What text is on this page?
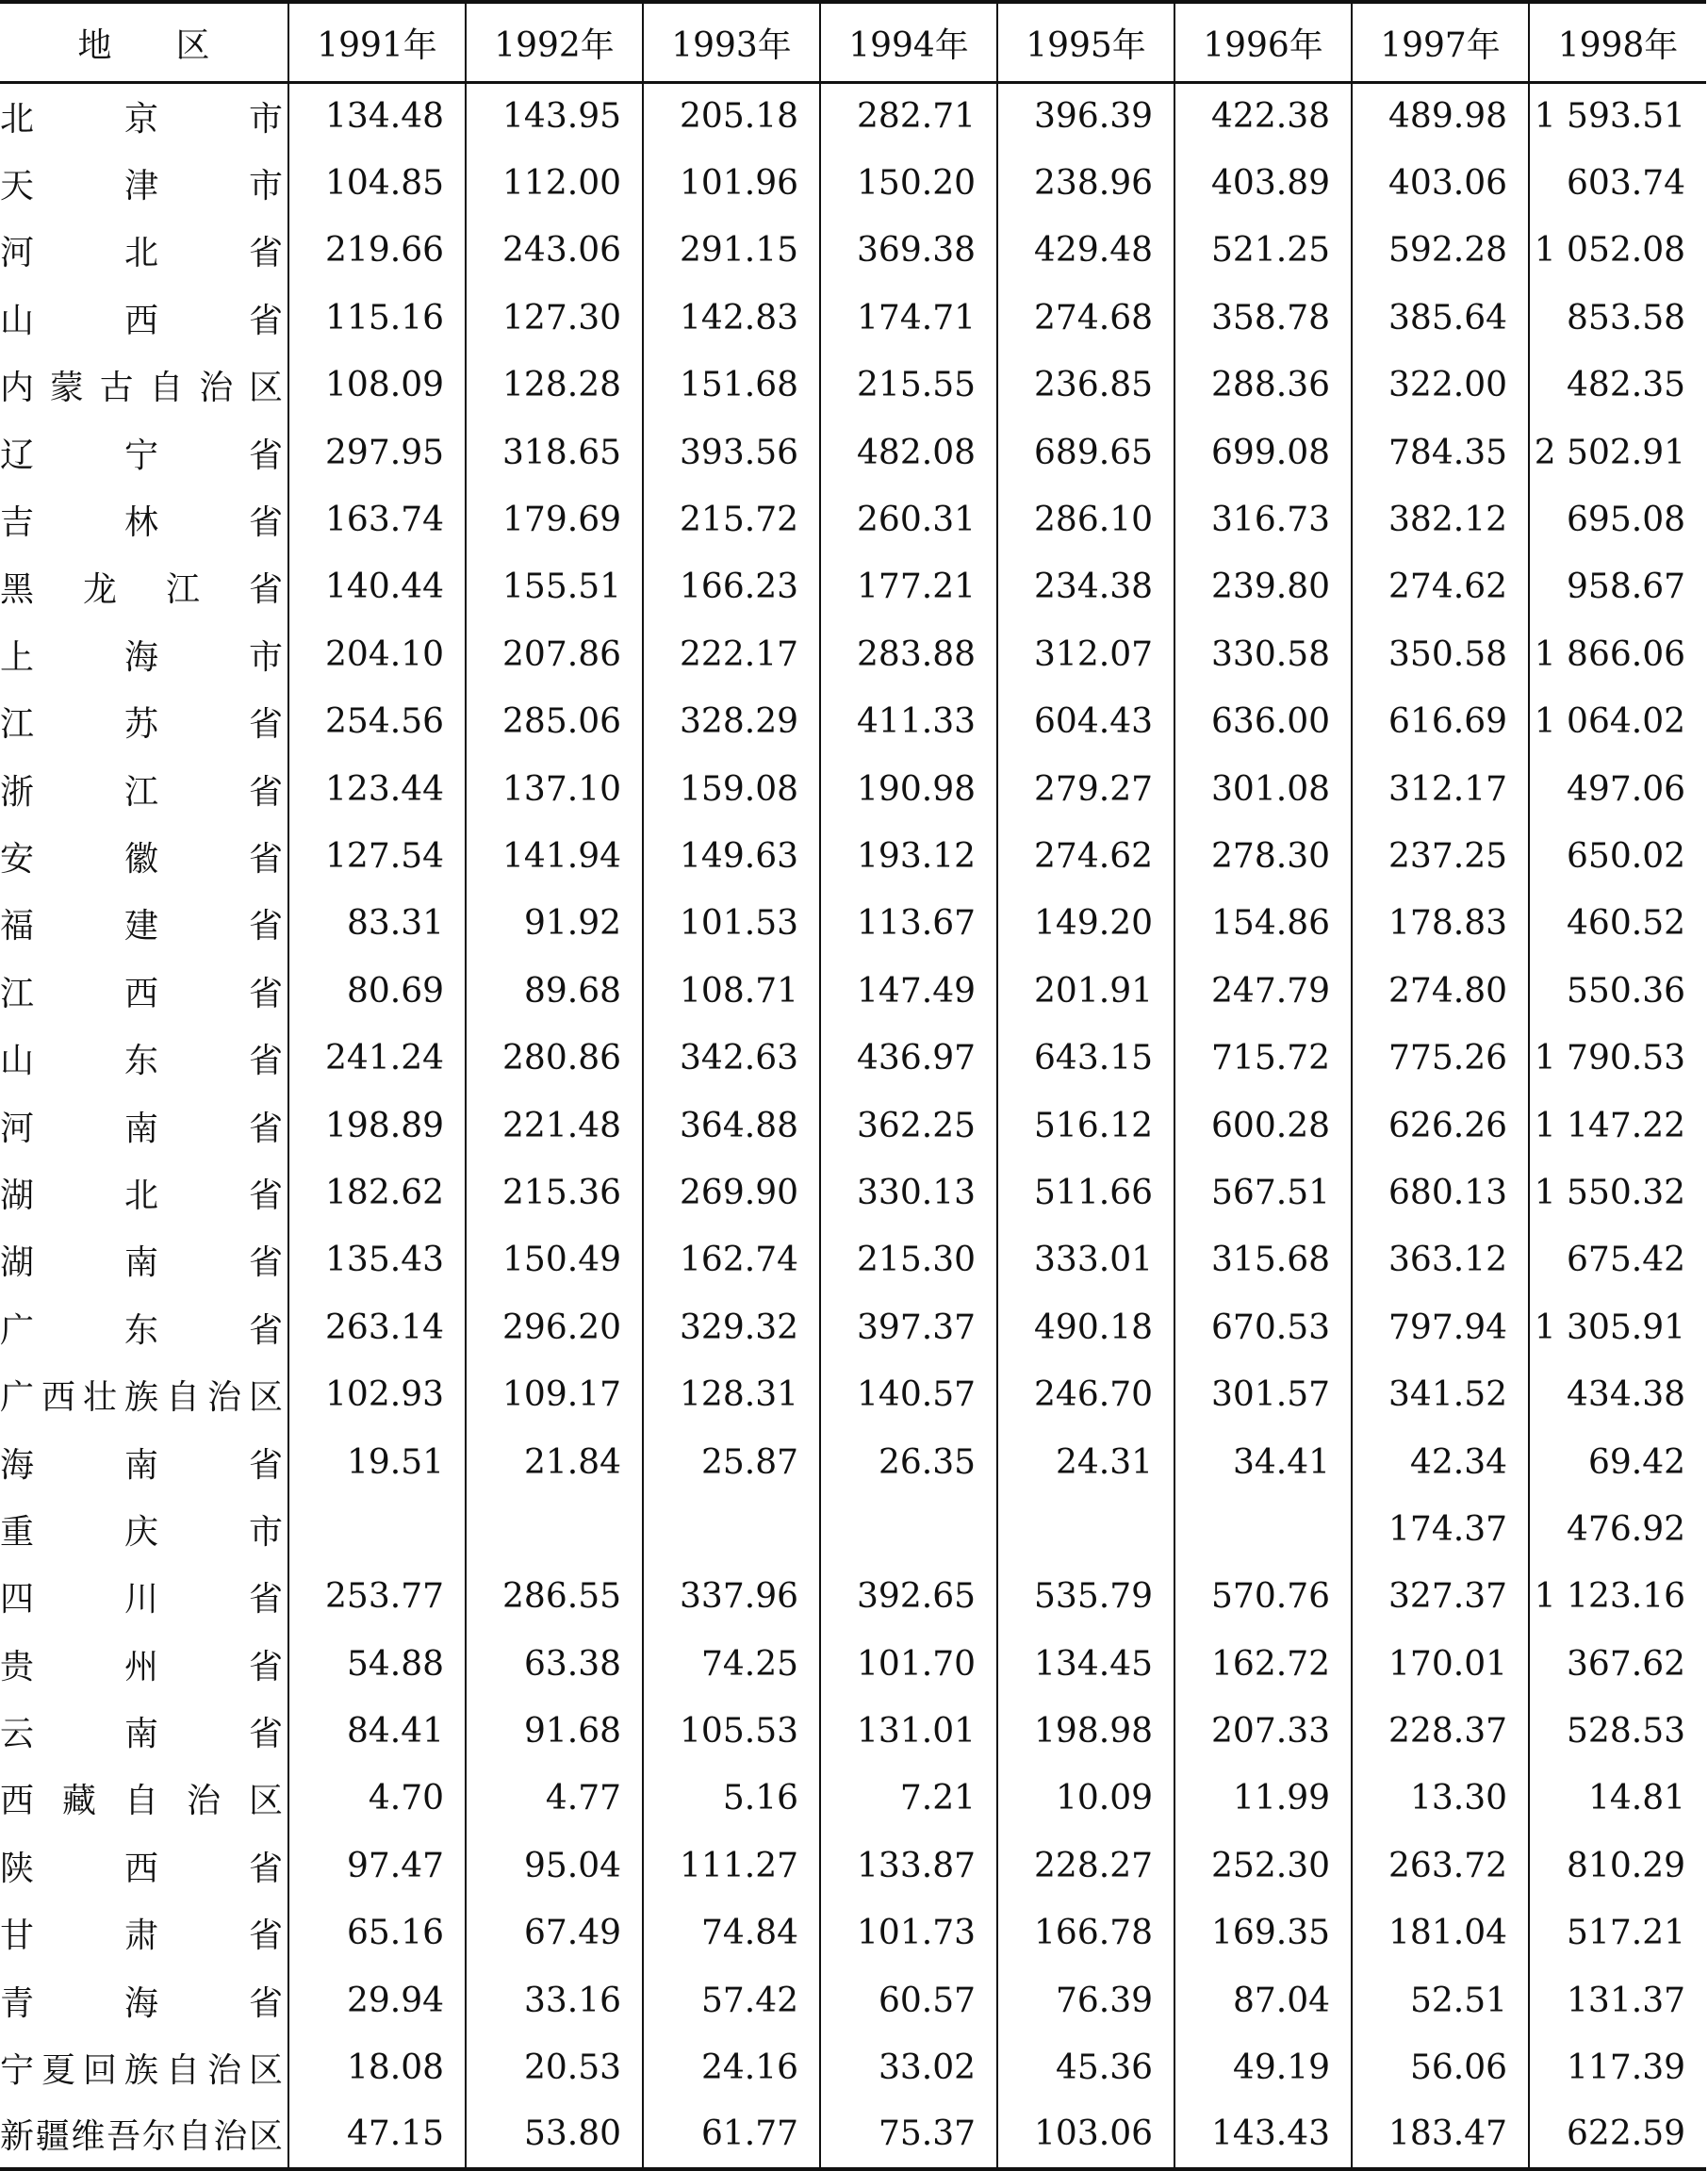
地 区	1991年	1992年	1993年	1994年	1995年	1996年	1997年	1998年

北京市	134.48	143.95	205.18	282.71	396.39	422.38	489.98	1 593.51

天津市	104.85	112.00	101.96	150.20	238.96	403.89	403.06	603.74

河北省	219.66	243.06	291.15	369.38	429.48	521.25	592.28	1 052.08

山西省	115.16	127.30	142.83	174.71	274.68	358.78	385.64	853.58

内蒙古自治区	108.09	128.28	151.68	215.55	236.85	288.36	322.00	482.35

辽宁省	297.95	318.65	393.56	482.08	689.65	699.08	784.35	2 502.91

吉林省	163.74	179.69	215.72	260.31	286.10	316.73	382.12	695.08

黑龙江省	140.44	155.51	166.23	177.21	234.38	239.80	274.62	958.67

上海市	204.10	207.86	222.17	283.88	312.07	330.58	350.58	1 866.06

江苏省	254.56	285.06	328.29	411.33	604.43	636.00	616.69	1 064.02

浙江省	123.44	137.10	159.08	190.98	279.27	301.08	312.17	497.06

安徽省	127.54	141.94	149.63	193.12	274.62	278.30	237.25	650.02

福建省	83.31	91.92	101.53	113.67	149.20	154.86	178.83	460.52

江西省	80.69	89.68	108.71	147.49	201.91	247.79	274.80	550.36

山东省	241.24	280.86	342.63	436.97	643.15	715.72	775.26	1 790.53

河南省	198.89	221.48	364.88	362.25	516.12	600.28	626.26	1 147.22

湖北省	182.62	215.36	269.90	330.13	511.66	567.51	680.13	1 550.32

湖南省	135.43	150.49	162.74	215.30	333.01	315.68	363.12	675.42

广东省	263.14	296.20	329.32	397.37	490.18	670.53	797.94	1 305.91

广西壮族自治区	102.93	109.17	128.31	140.57	246.70	301.57	341.52	434.38

海南省	19.51	21.84	25.87	26.35	24.31	34.41	42.34	69.42

重庆市							174.37	476.92

四川省	253.77	286.55	337.96	392.65	535.79	570.76	327.37	1 123.16

贵州省	54.88	63.38	74.25	101.70	134.45	162.72	170.01	367.62

云南省	84.41	91.68	105.53	131.01	198.98	207.33	228.37	528.53

西藏自治区	4.70	4.77	5.16	7.21	10.09	11.99	13.30	14.81

陕西省	97.47	95.04	111.27	133.87	228.27	252.30	263.72	810.29

甘肃省	65.16	67.49	74.84	101.73	166.78	169.35	181.04	517.21

青海省	29.94	33.16	57.42	60.57	76.39	87.04	52.51	131.37

宁夏回族自治区	18.08	20.53	24.16	33.02	45.36	49.19	56.06	117.39

新疆维吾尔自治区	47.15	53.80	61.77	75.37	103.06	143.43	183.47	622.59
